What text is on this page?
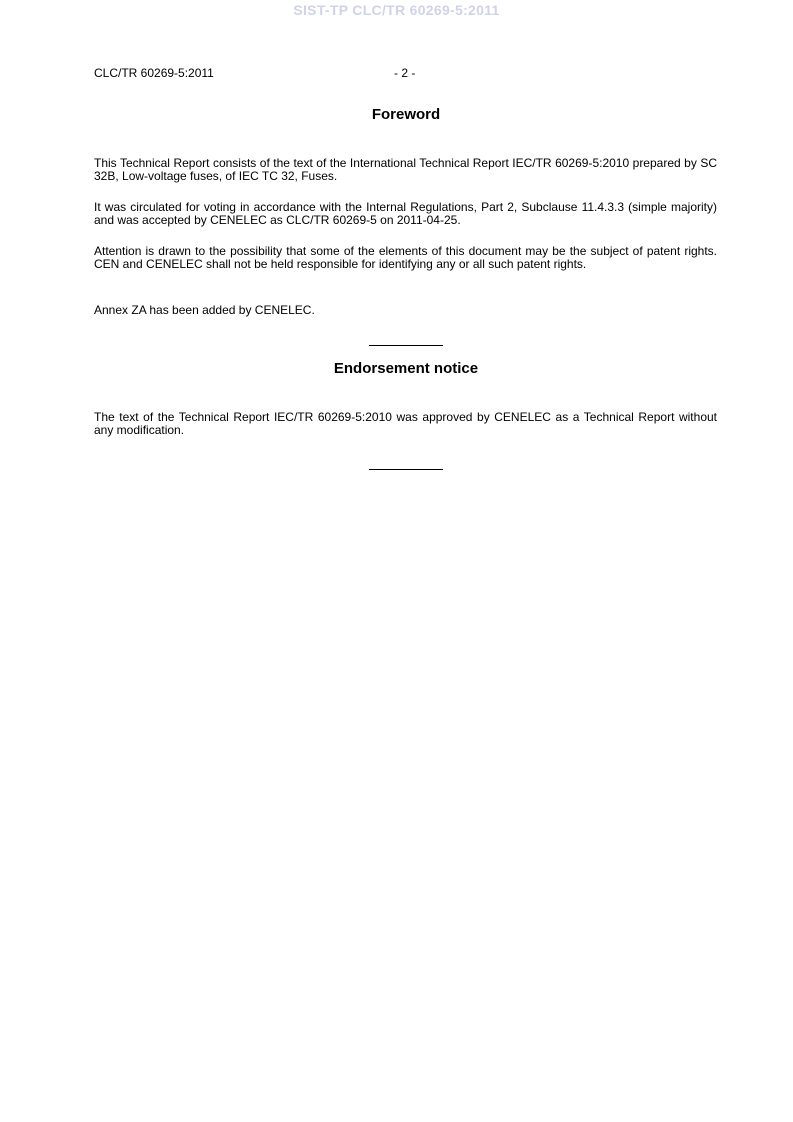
SIST-TP CLC/TR 60269-5:2011
CLC/TR 60269-5:2011	- 2 -
Foreword
This Technical Report consists of the text of the International Technical Report IEC/TR 60269-5:2010 prepared by SC 32B, Low-voltage fuses, of IEC TC 32, Fuses.
It was circulated for voting in accordance with the Internal Regulations, Part 2, Subclause 11.4.3.3 (simple majority) and was accepted by CENELEC as CLC/TR 60269-5 on 2011-04-25.
Attention is drawn to the possibility that some of the elements of this document may be the subject of patent rights. CEN and CENELEC shall not be held responsible for identifying any or all such patent rights.
Annex ZA has been added by CENELEC.
Endorsement notice
The text of the Technical Report IEC/TR 60269-5:2010 was approved by CENELEC as a Technical Report without any modification.
